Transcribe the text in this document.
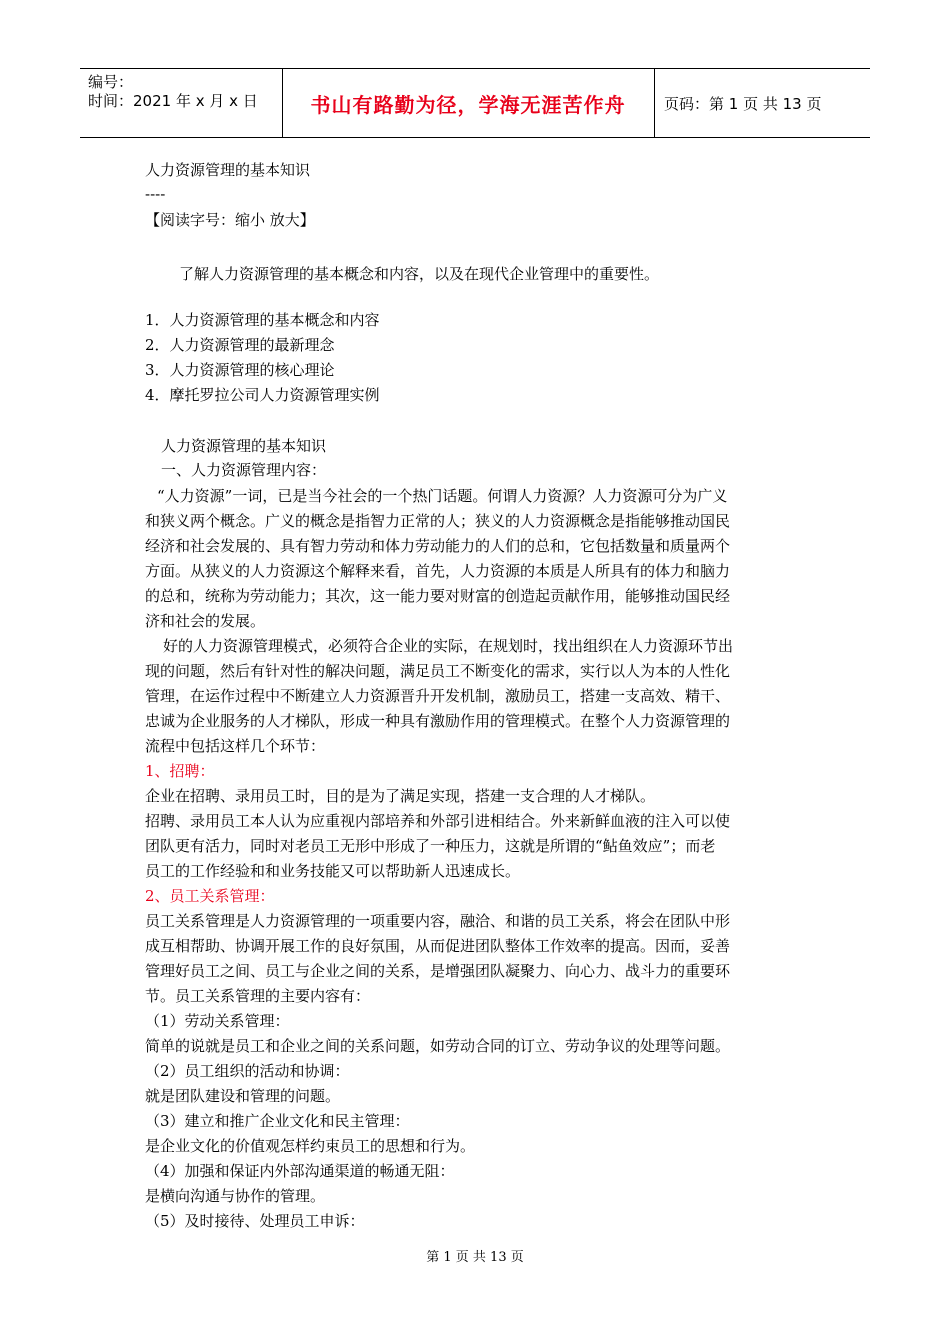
编号：
时间：2021 年 x 月 x 日	书山有路勤为径，学海无涯苦作舟	页码：第 1 页 共 13 页
人力资源管理的基本知识
----
【阅读字号：缩小 放大】
了解人力资源管理的基本概念和内容，以及在现代企业管理中的重要性。
1．人力资源管理的基本概念和内容
2．人力资源管理的最新理念
3．人力资源管理的核心理论
4．摩托罗拉公司人力资源管理实例
人力资源管理的基本知识
一、人力资源管理内容：
“人力资源”一词，已是当今社会的一个热门话题。何谓人力资源？人力资源可分为广义
和狭义两个概念。广义的概念是指智力正常的人；狭义的人力资源概念是指能够推动国民
经济和社会发展的、具有智力劳动和体力劳动能力的人们的总和，它包括数量和质量两个
方面。从狭义的人力资源这个解释来看，首先，人力资源的本质是人所具有的体力和脑力
的总和，统称为劳动能力；其次，这一能力要对财富的创造起贡献作用，能够推动国民经
济和社会的发展。
好的人力资源管理模式，必须符合企业的实际，在规划时，找出组织在人力资源环节出
现的问题，然后有针对性的解决问题，满足员工不断变化的需求，实行以人为本的人性化
管理，在运作过程中不断建立人力资源晋升开发机制，激励员工，搭建一支高效、精干、
忠诚为企业服务的人才梯队，形成一种具有激励作用的管理模式。在整个人力资源管理的
流程中包括这样几个环节：
1、招聘：
企业在招聘、录用员工时，目的是为了满足实现，搭建一支合理的人才梯队。
招聘、录用员工本人认为应重视内部培养和外部引进相结合。外来新鲜血液的注入可以使
团队更有活力，同时对老员工无形中形成了一种压力，这就是所谓的“鲇鱼效应”；而老
员工的工作经验和和业务技能又可以帮助新人迅速成长。
2、员工关系管理：
员工关系管理是人力资源管理的一项重要内容，融洽、和谐的员工关系，将会在团队中形
成互相帮助、协调开展工作的良好氛围，从而促进团队整体工作效率的提高。因而，妥善
管理好员工之间、员工与企业之间的关系，是增强团队凝聚力、向心力、战斗力的重要环
节。员工关系管理的主要内容有：
（1）劳动关系管理：
简单的说就是员工和企业之间的关系问题，如劳动合同的订立、劳动争议的处理等问题。
（2）员工组织的活动和协调：
就是团队建设和管理的问题。
（3）建立和推广企业文化和民主管理：
是企业文化的价值观怎样约束员工的思想和行为。
（4）加强和保证内外部沟通渠道的畅通无阻：
是横向沟通与协作的管理。
（5）及时接待、处理员工申诉：
第 1 页 共 13 页
